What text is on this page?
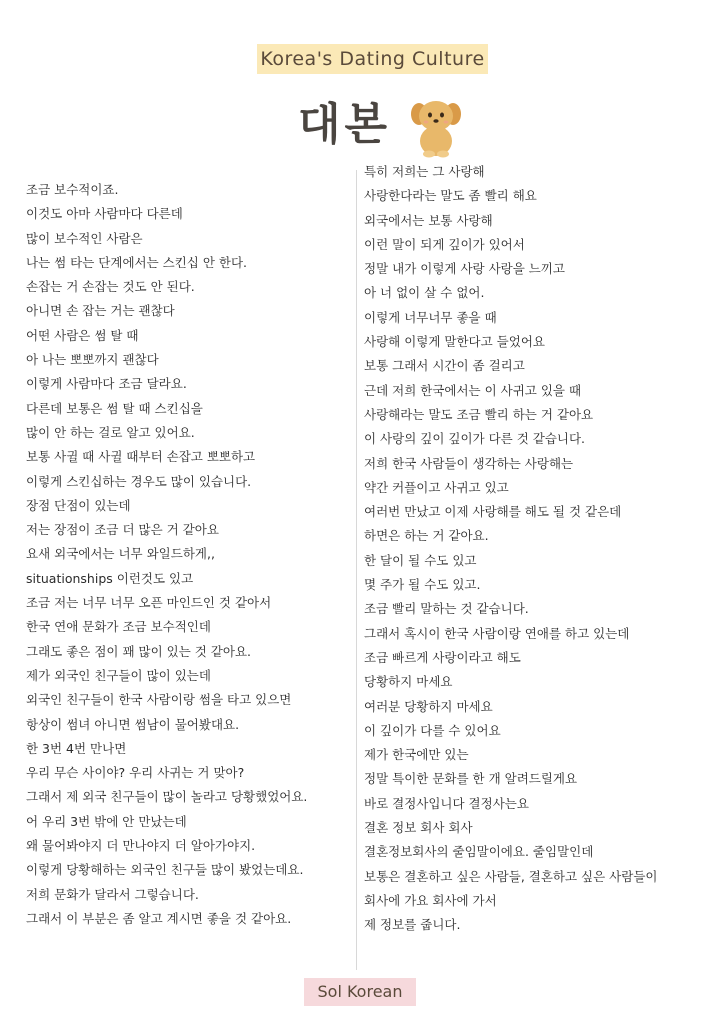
Korea's Dating Culture
대본
조금 보수적이죠.
이것도 아마 사람마다 다른데
많이 보수적인 사람은
나는 썸 타는 단계에서는 스킨십 안 한다.
손잡는 거 손잡는 것도 안 된다.
아니면 손 잡는 거는 괜찮다
어떤 사람은 썸 탈 때
아 나는 뽀뽀까지 괜찮다
이렇게 사람마다 조금 달라요.
다른데 보통은 썸 탈 때 스킨십을
많이 안 하는 걸로 알고 있어요.
보통 사귈 때 사귈 때부터 손잡고 뽀뽀하고
이렇게 스킨십하는 경우도 많이 있습니다.
장점 단점이 있는데
저는 장점이 조금 더 많은 거 같아요
요새 외국에서는 너무 와일드하게,,
situationships 이런것도 있고
조금 저는 너무 너무 오픈 마인드인 것 같아서
한국 연애 문화가 조금 보수적인데
그래도 좋은 점이 꽤 많이 있는 것 같아요.
제가 외국인 친구들이 많이 있는데
외국인 친구들이 한국 사람이랑 썸을 타고 있으면
항상이 썸녀 아니면 썸남이 물어봤대요.
한 3번 4번 만나면
우리 무슨 사이야? 우리 사귀는 거 맞아?
그래서 제 외국 친구들이 많이 놀라고 당황했었어요.
어 우리 3번 밖에 안 만났는데
왜 물어봐야지 더 만나야지 더 알아가야지.
이렇게 당황해하는 외국인 친구들 많이 봤었는데요.
저희 문화가 달라서 그렇습니다.
그래서 이 부분은 좀 알고 계시면 좋을 것 같아요.
특히 저희는 그 사랑해
사랑한다라는 말도 좀 빨리 해요
외국에서는 보통 사랑해
이런 말이 되게 깊이가 있어서
정말 내가 이렇게 사랑 사랑을 느끼고
아 너 없이 살 수 없어.
이렇게 너무너무 좋을 때
사랑해 이렇게 말한다고 들었어요
보통 그래서 시간이 좀 걸리고
근데 저희 한국에서는 이 사귀고 있을 때
사랑해라는 말도 조금 빨리 하는 거 같아요
이 사랑의 깊이 깊이가 다른 것 같습니다.
저희 한국 사람들이 생각하는 사랑해는
약간 커플이고 사귀고 있고
여러번 만났고 이제 사랑해를 해도 될 것 같은데
하면은 하는 거 같아요.
한 달이 될 수도 있고
몇 주가 될 수도 있고.
조금 빨리 말하는 것 같습니다.
그래서 혹시이 한국 사람이랑 연애를 하고 있는데
조금 빠르게 사랑이라고 해도
당황하지 마세요
여러분 당황하지 마세요
이 깊이가 다를 수 있어요
제가 한국에만 있는
정말 특이한 문화를 한 개 알려드릴게요
바로 결정사입니다 결정사는요
결혼 정보 회사 회사
결혼정보회사의 줄임말이에요. 줄임말인데
보통은 결혼하고 싶은 사람들, 결혼하고 싶은 사람들이
회사에 가요 회사에 가서
제 정보를 줍니다.
Sol Korean
